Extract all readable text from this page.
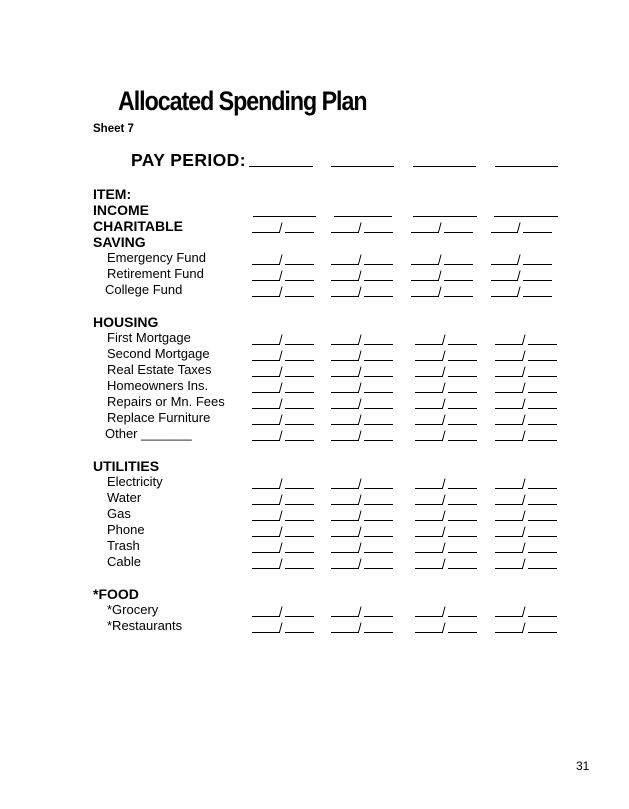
Allocated Spending Plan
Sheet 7
PAY PERIOD:
ITEM:
INCOME
CHARITABLE	/	/	/	/
SAVING
Emergency Fund	/	/	/	/
Retirement Fund	/	/	/	/
College Fund	/	/	/	/
HOUSING
First Mortgage	/	/	/	/
Second Mortgage	/	/	/	/
Real Estate Taxes	/	/	/	/
Homeowners Ins.	/	/	/	/
Repairs or Mn. Fees	/	/	/	/
Replace Furniture	/	/	/	/
Other _______	/	/	/	/
UTILITIES
Electricity	/	/	/	/
Water	/	/	/	/
Gas	/	/	/	/
Phone	/	/	/	/
Trash	/	/	/	/
Cable	/	/	/	/
*FOOD
*Grocery	/	/	/	/
*Restaurants	/	/	/	/
31
